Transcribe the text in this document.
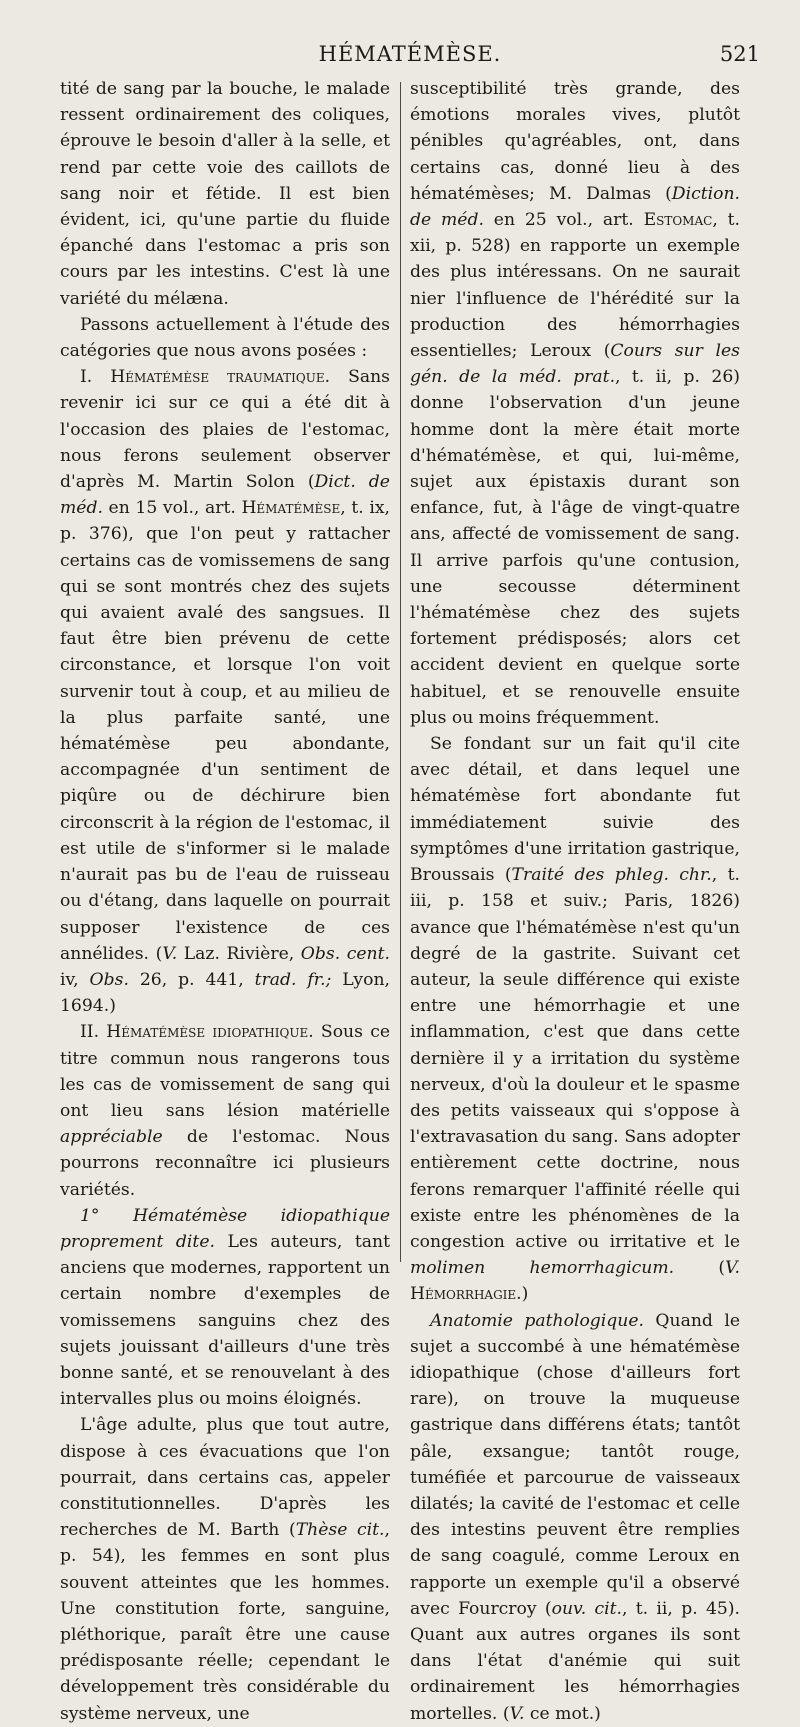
HÉMATÉMÈSE.	521

tité de sang par la bouche, le malade ressent ordinairement des coliques, éprouve le besoin d'aller à la selle, et rend par cette voie des caillots de sang noir et fétide. Il est bien évident, ici, qu'une partie du fluide épanché dans l'estomac a pris son cours par les intestins. C'est là une variété du mélæna.

Passons actuellement à l'étude des catégories que nous avons posées :

I. Hématémèse traumatique. Sans revenir ici sur ce qui a été dit à l'occasion des plaies de l'estomac, nous ferons seulement observer d'après M. Martin Solon (Dict. de méd. en 15 vol., art. Hématémèse, t. ix, p. 376), que l'on peut y rattacher certains cas de vomissemens de sang qui se sont montrés chez des sujets qui avaient avalé des sangsues. Il faut être bien prévenu de cette circonstance, et lorsque l'on voit survenir tout à coup, et au milieu de la plus parfaite santé, une hématémèse peu abondante, accompagnée d'un sentiment de piqûre ou de déchirure bien circonscrit à la région de l'estomac, il est utile de s'informer si le malade n'aurait pas bu de l'eau de ruisseau ou d'étang, dans laquelle on pourrait supposer l'existence de ces annélides. (V. Laz. Rivière, Obs. cent. iv, Obs. 26, p. 441, trad. fr.; Lyon, 1694.)

II. Hématémèse idiopathique. Sous ce titre commun nous rangerons tous les cas de vomissement de sang qui ont lieu sans lésion matérielle appréciable de l'estomac. Nous pourrons reconnaître ici plusieurs variétés.

1° Hématémèse idiopathique proprement dite. Les auteurs, tant anciens que modernes, rapportent un certain nombre d'exemples de vomissemens sanguins chez des sujets jouissant d'ailleurs d'une très bonne santé, et se renouvelant à des intervalles plus ou moins éloignés.

L'âge adulte, plus que tout autre, dispose à ces évacuations que l'on pourrait, dans certains cas, appeler constitutionnelles. D'après les recherches de M. Barth (Thèse cit., p. 54), les femmes en sont plus souvent atteintes que les hommes. Une constitution forte, sanguine, pléthorique, paraît être une cause prédisposante réelle; cependant le développement très considérable du système nerveux, une

susceptibilité très grande, des émotions morales vives, plutôt pénibles qu'agréables, ont, dans certains cas, donné lieu à des hématémèses; M. Dalmas (Diction. de méd. en 25 vol., art. Estomac, t. xii, p. 528) en rapporte un exemple des plus intéressans. On ne saurait nier l'influence de l'hérédité sur la production des hémorrhagies essentielles; Leroux (Cours sur les gén. de la méd. prat., t. ii, p. 26) donne l'observation d'un jeune homme dont la mère était morte d'hématémèse, et qui, lui-même, sujet aux épistaxis durant son enfance, fut, à l'âge de vingt-quatre ans, affecté de vomissement de sang. Il arrive parfois qu'une contusion, une secousse déterminent l'hématémèse chez des sujets fortement prédisposés; alors cet accident devient en quelque sorte habituel, et se renouvelle ensuite plus ou moins fréquemment.

Se fondant sur un fait qu'il cite avec détail, et dans lequel une hématémèse fort abondante fut immédiatement suivie des symptômes d'une irritation gastrique, Broussais (Traité des phleg. chr., t. iii, p. 158 et suiv.; Paris, 1826) avance que l'hématémèse n'est qu'un degré de la gastrite. Suivant cet auteur, la seule différence qui existe entre une hémorrhagie et une inflammation, c'est que dans cette dernière il y a irritation du système nerveux, d'où la douleur et le spasme des petits vaisseaux qui s'oppose à l'extravasation du sang. Sans adopter entièrement cette doctrine, nous ferons remarquer l'affinité réelle qui existe entre les phénomènes de la congestion active ou irritative et le molimen hemorrhagicum. (V. Hémorrhagie.)

Anatomie pathologique. Quand le sujet a succombé à une hématémèse idiopathique (chose d'ailleurs fort rare), on trouve la muqueuse gastrique dans différens états; tantôt pâle, exsangue; tantôt rouge, tuméfiée et parcourue de vaisseaux dilatés; la cavité de l'estomac et celle des intestins peuvent être remplies de sang coagulé, comme Leroux en rapporte un exemple qu'il a observé avec Fourcroy (ouv. cit., t. ii, p. 45). Quant aux autres organes ils sont dans l'état d'anémie qui suit ordinairement les hémorrhagies mortelles. (V. ce mot.)
